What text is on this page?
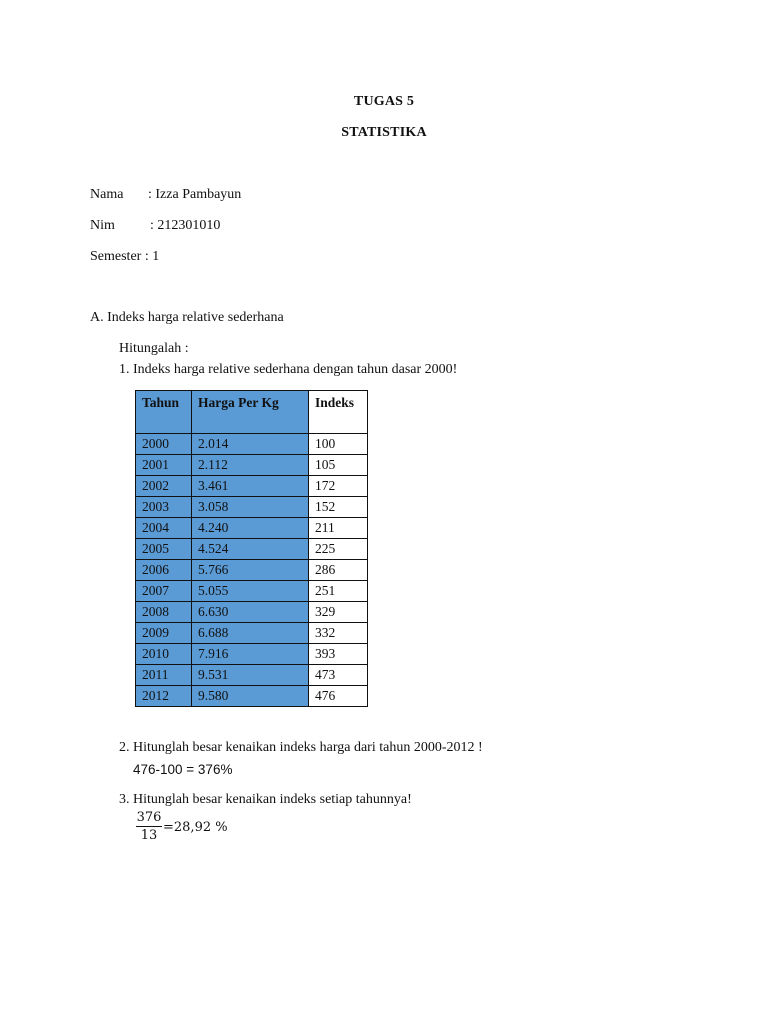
TUGAS 5
STATISTIKA
Nama : Izza Pambayun
Nim	: 212301010
Semester : 1
A. Indeks harga relative sederhana
Hitungalah :
1. Indeks harga relative sederhana dengan tahun dasar 2000!
Tahun	Harga Per Kg	Indeks
2000	2.014	100
2001	2.112	105
2002	3.461	172
2003	3.058	152
2004	4.240	211
2005	4.524	225
2006	5.766	286
2007	5.055	251
2008	6.630	329
2009	6.688	332
2010	7.916	393
2011	9.531	473
2012	9.580	476
2. Hitunglah besar kenaikan indeks harga dari tahun 2000-2012 !
476-100 = 376%
3. Hitunglah besar kenaikan indeks setiap tahunnya!
376
13
=28,92 %
